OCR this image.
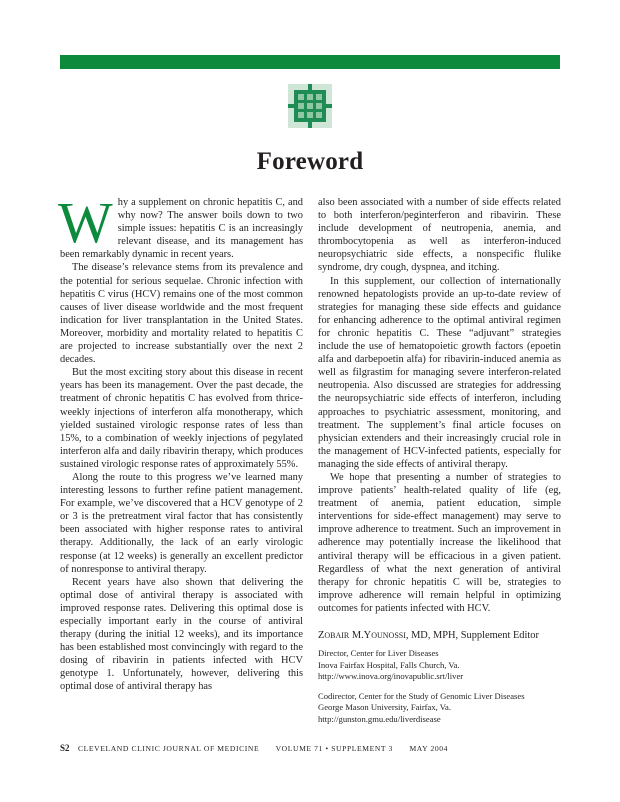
Foreword

Why a supplement on chronic hepatitis C, and why now? The answer boils down to two simple issues: hepatitis C is an increasingly relevant disease, and its management has been remarkably dynamic in recent years.

The disease’s relevance stems from its prevalence and the potential for serious sequelae. Chronic infection with hepatitis C virus (HCV) remains one of the most common causes of liver disease worldwide and the most frequent indication for liver transplantation in the United States. Moreover, morbidity and mortality related to hepatitis C are projected to increase substantially over the next 2 decades.

But the most exciting story about this disease in recent years has been its management. Over the past decade, the treatment of chronic hepatitis C has evolved from thrice-weekly injections of interferon alfa monotherapy, which yielded sustained virologic response rates of less than 15%, to a combination of weekly injections of pegylated interferon alfa and daily ribavirin therapy, which produces sustained virologic response rates of approximately 55%.

Along the route to this progress we’ve learned many interesting lessons to further refine patient management. For example, we’ve discovered that a HCV genotype of 2 or 3 is the pretreatment viral factor that has consistently been associated with higher response rates to antiviral therapy. Additionally, the lack of an early virologic response (at 12 weeks) is generally an excellent predictor of nonresponse to antiviral therapy.

Recent years have also shown that delivering the optimal dose of antiviral therapy is associated with improved response rates. Delivering this optimal dose is especially important early in the course of antiviral therapy (during the initial 12 weeks), and its importance has been established most convincingly with regard to the dosing of ribavirin in patients infected with HCV genotype 1. Unfortunately, however, delivering this optimal dose of antiviral therapy has

also been associated with a number of side effects related to both interferon/peginterferon and ribavirin. These include development of neutropenia, anemia, and thrombocytopenia as well as interferon-induced neuropsychiatric side effects, a nonspecific flulike syndrome, dry cough, dyspnea, and itching.

In this supplement, our collection of internationally renowned hepatologists provide an up-to-date review of strategies for managing these side effects and guidance for enhancing adherence to the optimal antiviral regimen for chronic hepatitis C. These “adjuvant” strategies include the use of hematopoietic growth factors (epoetin alfa and darbepoetin alfa) for ribavirin-induced anemia as well as filgrastim for managing severe interferon-related neutropenia. Also discussed are strategies for addressing the neuropsychiatric side effects of interferon, including approaches to psychiatric assessment, monitoring, and treatment. The supplement’s final article focuses on physician extenders and their increasingly crucial role in the management of HCV-infected patients, especially for managing the side effects of antiviral therapy.

We hope that presenting a number of strategies to improve patients’ health-related quality of life (eg, treatment of anemia, patient education, simple interventions for side-effect management) may serve to improve adherence to treatment. Such an improvement in adherence may potentially increase the likelihood that antiviral therapy will be efficacious in a given patient. Regardless of what the next generation of antiviral therapy for chronic hepatitis C will be, strategies to improve adherence will remain helpful in optimizing outcomes for patients infected with HCV.

ZOBAIR M.YOUNOSSI, MD, MPH, Supplement Editor
Director, Center for Liver Diseases
Inova Fairfax Hospital, Falls Church, Va.
http://www.inova.org/inovapublic.srt/liver
Codirector, Center for the Study of Genomic Liver Diseases
George Mason University, Fairfax, Va.
http://gunston.gmu.edu/liverdisease
S2 CLEVELAND CLINIC JOURNAL OF MEDICINE VOLUME 71 • SUPPLEMENT 3 MAY 2004
